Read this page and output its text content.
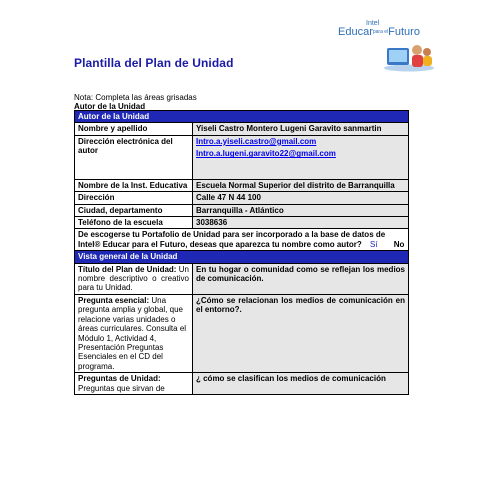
Intel
Educarpara elFuturo
Plantilla del Plan de Unidad
Nota: Completa las áreas grisadas
Autor de la Unidad
Autor de la Unidad	
Nombre y apellido	Yiseli Castro Montero Lugeni Garavito sanmartin
Dirección electrónica del autor	Intro.a.yiseli.castro@gmail.com
Intro.a.lugeni.garavito22@gmail.com

Nombre de la Inst. Educativa	Escuela Normal Superior del distrito de Barranquilla
Dirección	Calle 47 N 44 100
Ciudad, departamento	Barranquilla - Atlántico
Teléfono de la escuela	3038636
De escogerse tu Portafolio de Unidad para ser incorporado a la base de datos de Intel® Educar para el Futuro, deseas que aparezca tu nombre como autor? Sí No	
Vista general de la Unidad	
Título del Plan de Unidad: Un nombre descriptivo o creativo para tu Unidad.	En tu hogar o comunidad como se reflejan los medios de comunicación.
Pregunta esencial: Una pregunta amplia y global, que relacione varias unidades o áreas curriculares. Consulta el Módulo 1, Actividad 4, Presentación Preguntas Esenciales en el CD del programa.	¿Cómo se relacionan los medios de comunicación en el entorno?.
Preguntas de Unidad: Preguntas que sirvan de	¿ cómo se clasifican los medios de comunicación
